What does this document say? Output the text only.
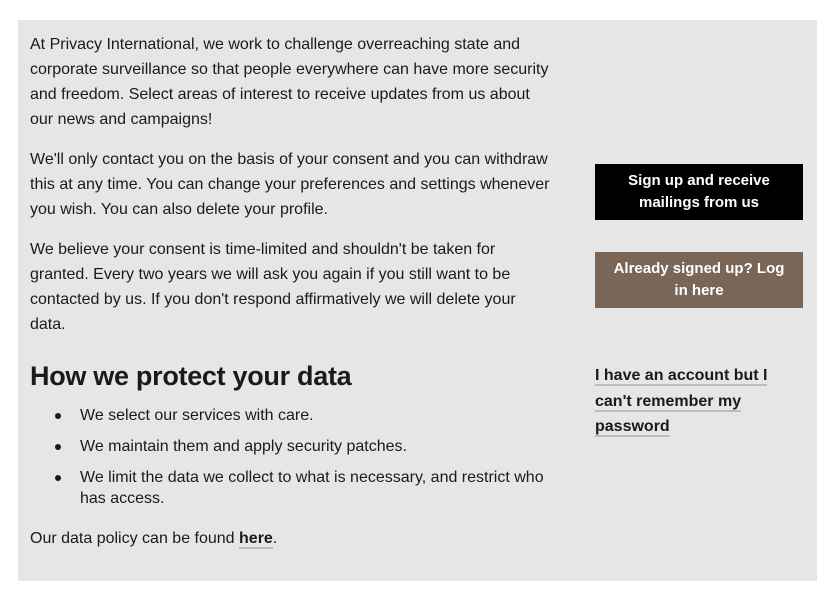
At Privacy International, we work to challenge overreaching state and corporate surveillance so that people everywhere can have more security and freedom. Select areas of interest to receive updates from us about our news and campaigns!

We'll only contact you on the basis of your consent and you can withdraw this at any time. You can change your preferences and settings whenever you wish. You can also delete your profile.

We believe your consent is time-limited and shouldn't be taken for granted. Every two years we will ask you again if you still want to be contacted by us. If you don't respond affirmatively we will delete your data.

How we protect your data
We select our services with care.
We maintain them and apply security patches.
We limit the data we collect to what is necessary, and restrict who has access.
Our data policy can be found here.
Sign up and receive mailings from us
Already signed up? Log in here
I have an account but I can't remember my password
